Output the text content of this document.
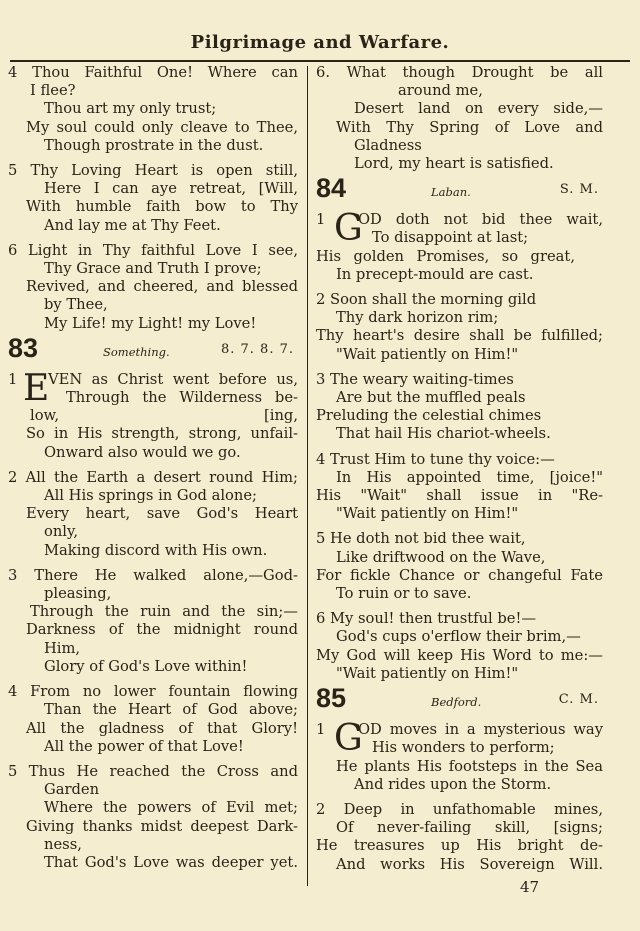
Pilgrimage and Warfare.
4 Thou Faithful One! Where can
I flee?
Thou art my only trust;
My soul could only cleave to Thee,
Though prostrate in the dust.
5 Thy Loving Heart is open still,
Here I can aye retreat, [Will,
With humble faith bow to Thy
And lay me at Thy Feet.
6 Light in Thy faithful Love I see,
Thy Grace and Truth I prove;
Revived, and cheered, and blessed
by Thee,
My Life! my Light! my Love!
83	Something.	8. 7. 8. 7.
E
1 VEN as Christ went before us,
Through the Wilderness be-
low, [ing,
So in His strength, strong, unfail-
Onward also would we go.
2 All the Earth a desert round Him;
All His springs in God alone;
Every heart, save God's Heart
only,
Making discord with His own.
3 There He walked alone,—God-
pleasing,
Through the ruin and the sin;—
Darkness of the midnight round
Him,
Glory of God's Love within!
4 From no lower fountain flowing
Than the Heart of God above;
All the gladness of that Glory!
All the power of that Love!
5 Thus He reached the Cross and
Garden
Where the powers of Evil met;
Giving thanks midst deepest Dark-
ness,
That God's Love was deeper yet.
6. What though Drought be all
around me,
Desert land on every side,—
With Thy Spring of Love and
Gladness
Lord, my heart is satisfied.
84	Laban.	S. M.
G
1 OD doth not bid thee wait,
To disappoint at last;
His golden Promises, so great,
In precept-mould are cast.
2 Soon shall the morning gild
Thy dark horizon rim;
Thy heart's desire shall be fulfilled;
"Wait patiently on Him!"
3 The weary waiting-times
Are but the muffled peals
Preluding the celestial chimes
That hail His chariot-wheels.
4 Trust Him to tune thy voice:—
In His appointed time, [joice!"
His "Wait" shall issue in "Re-
"Wait patiently on Him!"
5 He doth not bid thee wait,
Like driftwood on the Wave,
For fickle Chance or changeful Fate
To ruin or to save.
6 My soul! then trustful be!—
God's cups o'erflow their brim,—
My God will keep His Word to me:—
"Wait patiently on Him!"
85	Bedford.	C. M.
G
1 OD moves in a mysterious way
His wonders to perform;
He plants His footsteps in the Sea
And rides upon the Storm.
2 Deep in unfathomable mines,
Of never-failing skill, [signs;
He treasures up His bright de-
And works His Sovereign Will.
47
